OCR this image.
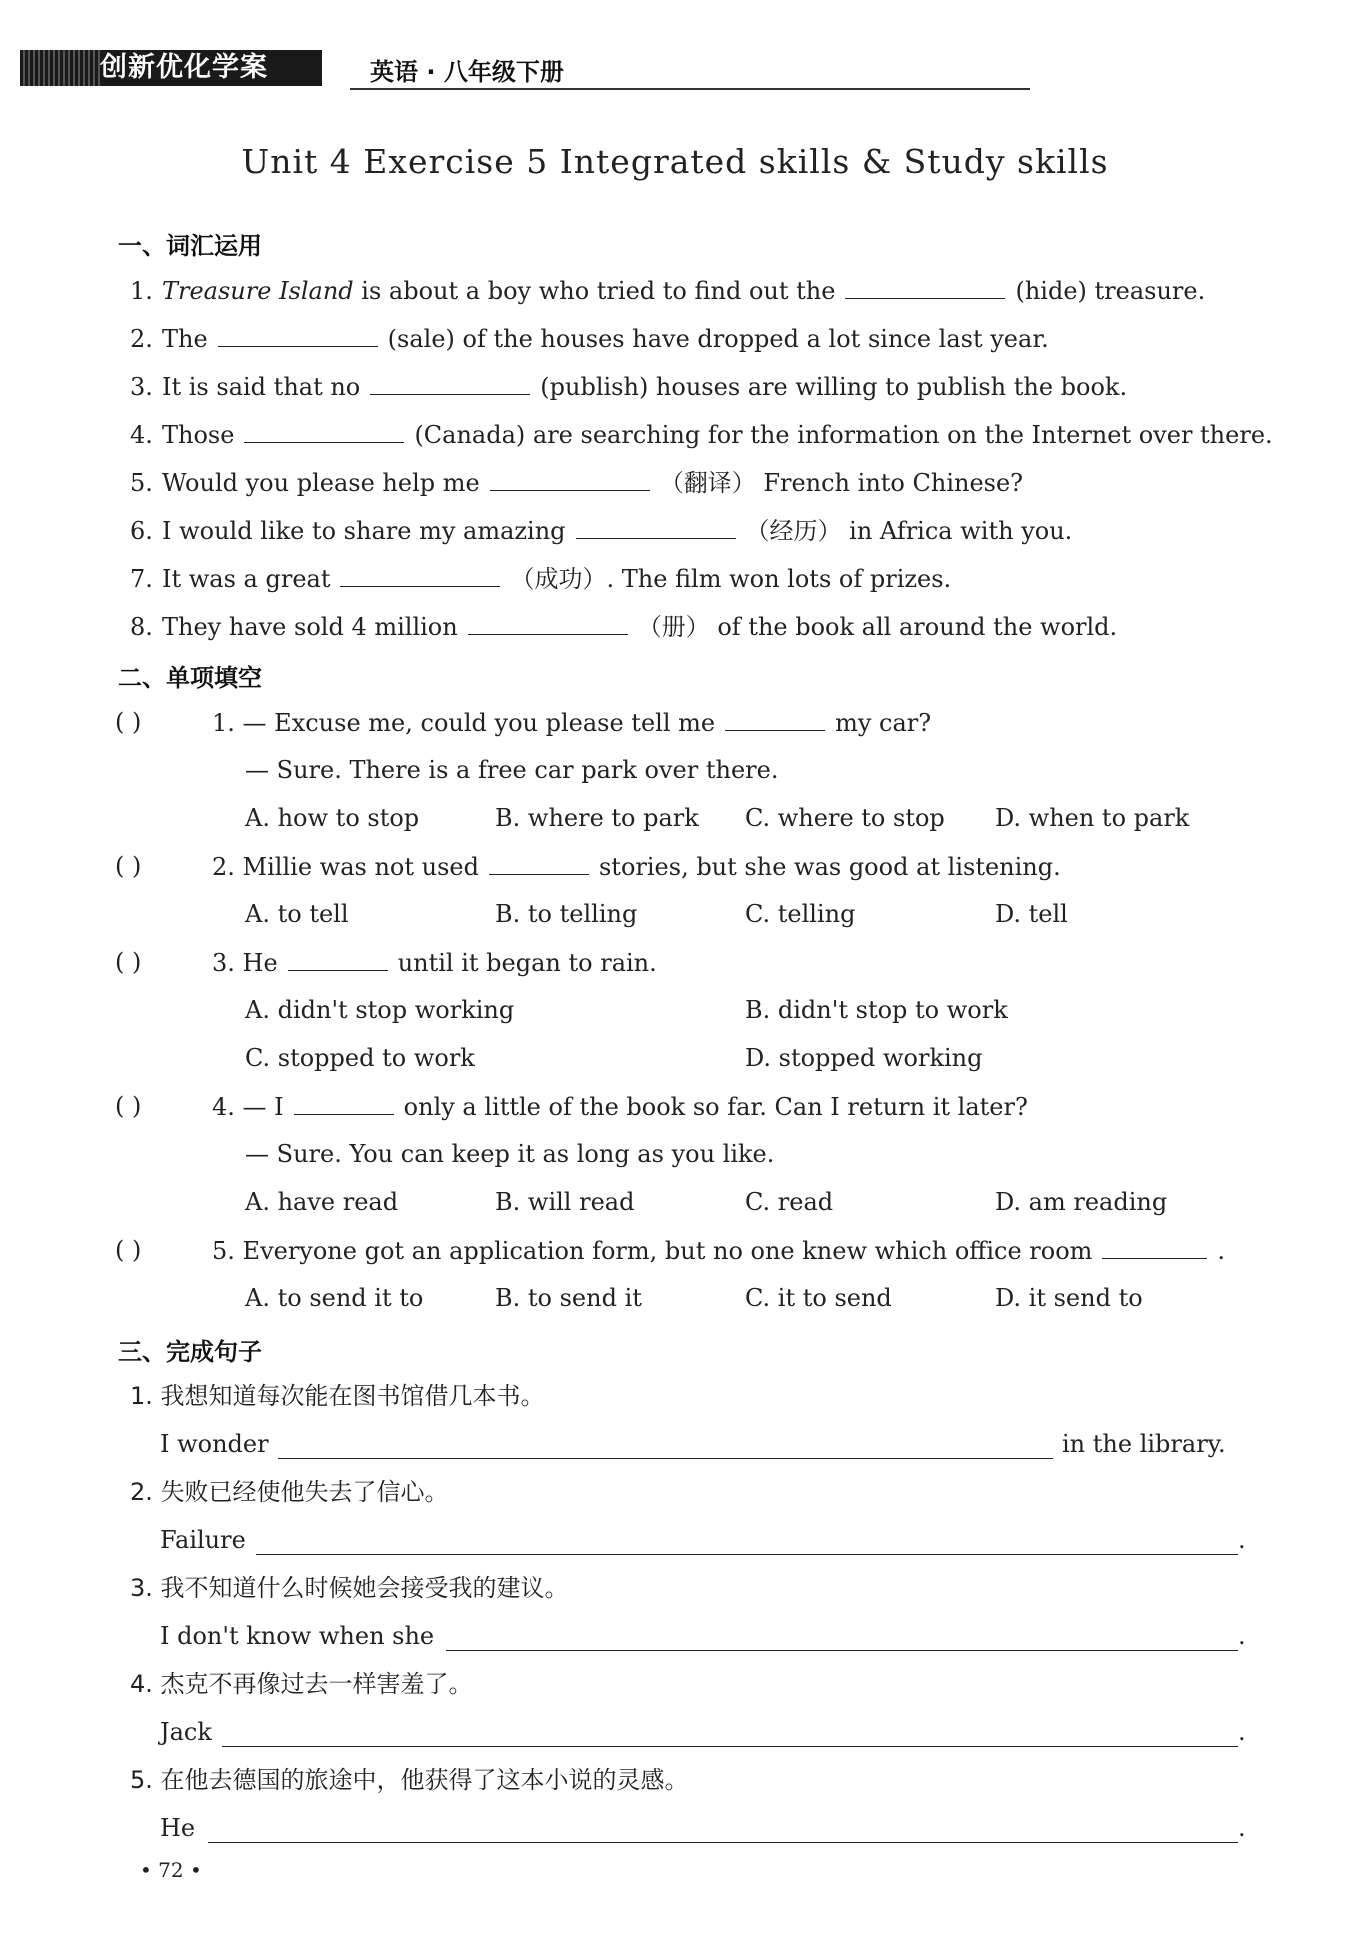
创新优化学案	英语 · 八年级下册
Unit 4 Exercise 5 Integrated skills & Study skills
一、词汇运用
1. Treasure Island is about a boy who tried to find out the	(hide) treasure.
2. The	(sale) of the houses have dropped a lot since last year.
3. It is said that no	(publish) houses are willing to publish the book.
4. Those	(Canada) are searching for the information on the Internet over there.
5. Would you please help me	（翻译） French into Chinese?
6. I would like to share my amazing	（经历） in Africa with you.
7. It was a great	（成功）. The film won lots of prizes.
8. They have sold 4 million	（册） of the book all around the world.
二、单项填空
( )	1. — Excuse me, could you please tell me	my car?
— Sure. There is a free car park over there.
A. how to stop	B. where to park C. where to stop D. when to park
( )	2. Millie was not used	stories, but she was good at listening.
A. to tell	B. to telling	C. telling	D. tell
( )	3. He	until it began to rain.
A. didn't stop working	B. didn't stop to work
C. stopped to work	D. stopped working
( )	4. — I	only a little of the book so far. Can I return it later?
— Sure. You can keep it as long as you like.
A. have read	B. will read	C. read	D. am reading
( )	5. Everyone got an application form, but no one knew which office room	.
A. to send it to	B. to send it	C. it to send	D. it send to
三、完成句子
1. 我想知道每次能在图书馆借几本书。
I wonder	in the library.
2. 失败已经使他失去了信心。
Failure	.
3. 我不知道什么时候她会接受我的建议。
I don't know when she	.
4. 杰克不再像过去一样害羞了。
Jack	.
5. 在他去德国的旅途中，他获得了这本小说的灵感。
He	.
• 72 •
